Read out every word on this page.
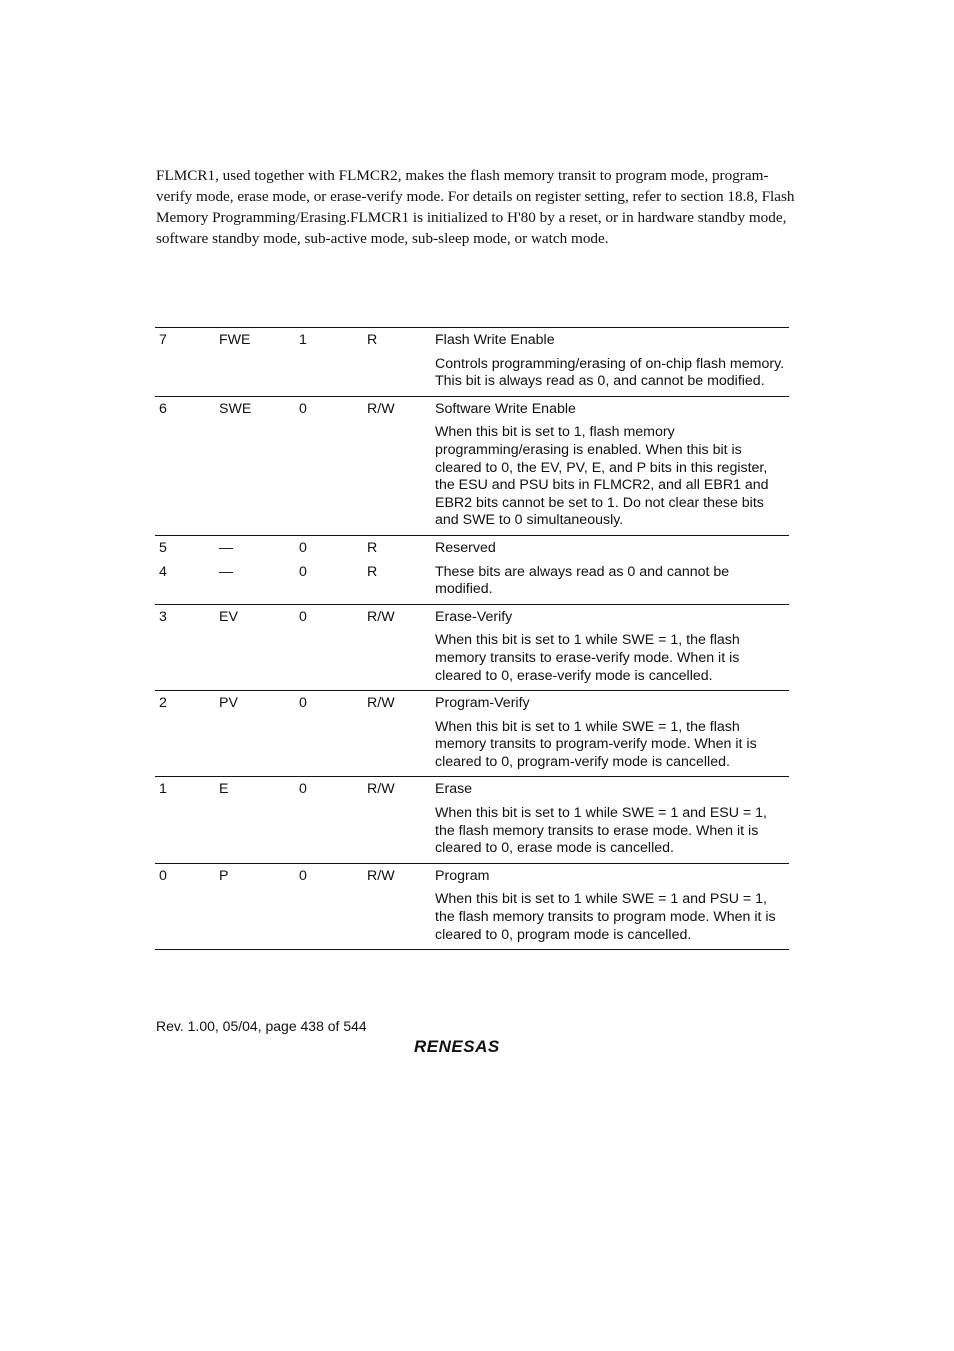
FLMCR1, used together with FLMCR2, makes the flash memory transit to program mode, program-verify mode, erase mode, or erase-verify mode. For details on register setting, refer to section 18.8, Flash Memory Programming/Erasing.FLMCR1 is initialized to H'80 by a reset, or in hardware standby mode, software standby mode, sub-active mode, sub-sleep mode, or watch mode.

7	FWE	1	R	Flash Write Enable
				Controls programming/erasing of on-chip flash memory. This bit is always read as 0, and cannot be modified.
6	SWE	0	R/W	Software Write Enable
				When this bit is set to 1, flash memory programming/erasing is enabled. When this bit is cleared to 0, the EV, PV, E, and P bits in this register, the ESU and PSU bits in FLMCR2, and all EBR1 and EBR2 bits cannot be set to 1. Do not clear these bits and SWE to 0 simultaneously.
5	—	0	R	Reserved
4	—	0	R	These bits are always read as 0 and cannot be modified.
3	EV	0	R/W	Erase-Verify
				When this bit is set to 1 while SWE = 1, the flash memory transits to erase-verify mode. When it is cleared to 0, erase-verify mode is cancelled.
2	PV	0	R/W	Program-Verify
				When this bit is set to 1 while SWE = 1, the flash memory transits to program-verify mode. When it is cleared to 0, program-verify mode is cancelled.
1	E	0	R/W	Erase
				When this bit is set to 1 while SWE = 1 and ESU = 1, the flash memory transits to erase mode. When it is cleared to 0, erase mode is cancelled.
0	P	0	R/W	Program
				When this bit is set to 1 while SWE = 1 and PSU = 1, the flash memory transits to program mode. When it is cleared to 0, program mode is cancelled.

Rev. 1.00, 05/04, page 438 of 544

RENESAS
